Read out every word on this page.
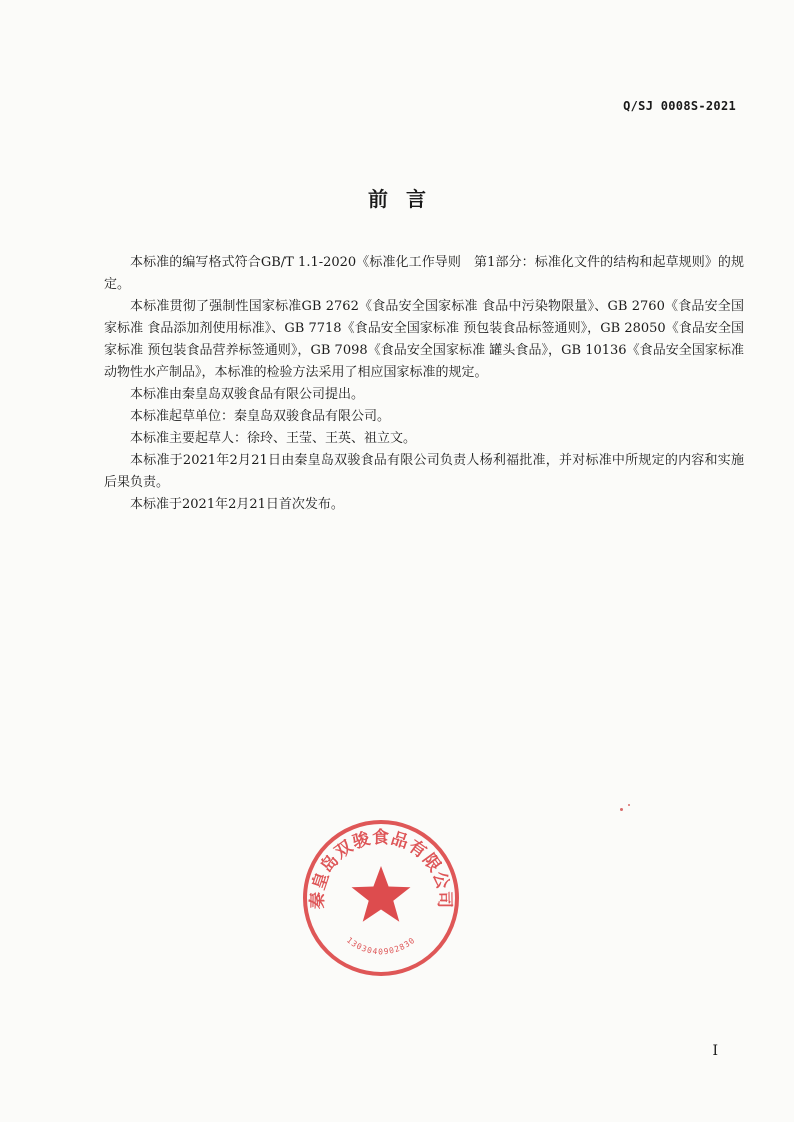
Q/SJ 0008S-2021
前言

本标准的编写格式符合GB/T 1.1-2020《标准化工作导则　第1部分：标准化文件的结构和起草规则》的规定。

本标准贯彻了强制性国家标准GB 2762《食品安全国家标准 食品中污染物限量》、GB 2760《食品安全国家标准 食品添加剂使用标准》、GB 7718《食品安全国家标准 预包装食品标签通则》，GB 28050《食品安全国家标准 预包装食品营养标签通则》，GB 7098《食品安全国家标准 罐头食品》，GB 10136《食品安全国家标准 动物性水产制品》，本标准的检验方法采用了相应国家标准的规定。

本标准由秦皇岛双骏食品有限公司提出。

本标准起草单位：秦皇岛双骏食品有限公司。

本标准主要起草人：徐玲、王莹、王英、祖立文。

本标准于2021年2月21日由秦皇岛双骏食品有限公司负责人杨利福批准，并对标准中所规定的内容和实施后果负责。

本标准于2021年2月21日首次发布。

秦皇岛双骏食品有限公司
1303040902830
I
